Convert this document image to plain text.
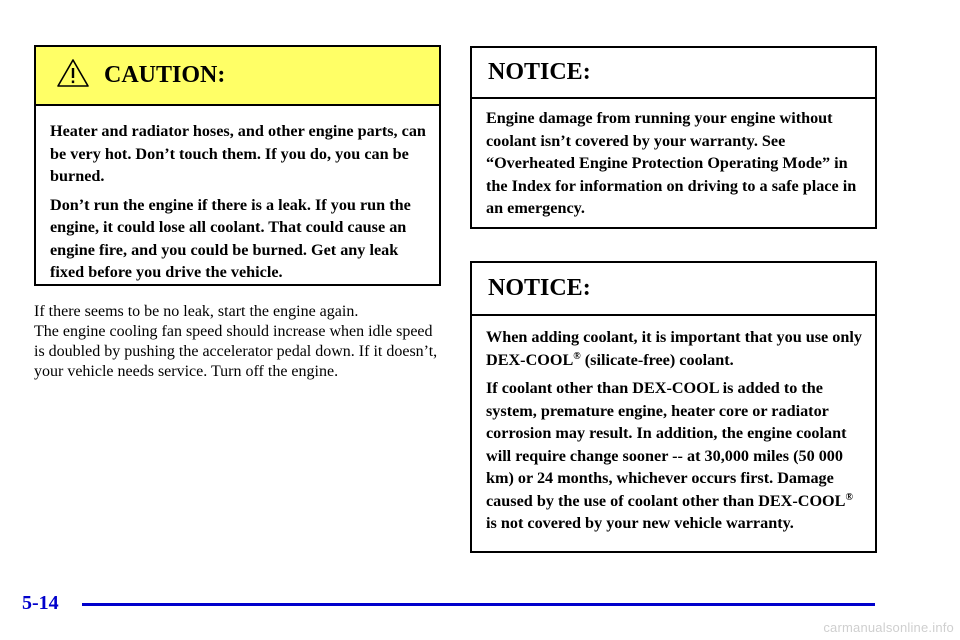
CAUTION:

Heater and radiator hoses, and other engine parts, can be very hot. Don’t touch them. If you do, you can be burned.

Don’t run the engine if there is a leak. If you run the engine, it could lose all coolant. That could cause an engine fire, and you could be burned. Get any leak fixed before you drive the vehicle.

If there seems to be no leak, start the engine again.
The engine cooling fan speed should increase when idle speed is doubled by pushing the accelerator pedal down. If it doesn’t, your vehicle needs service. Turn off the engine.

NOTICE:

Engine damage from running your engine without coolant isn’t covered by your warranty. See “Overheated Engine Protection Operating Mode” in the Index for information on driving to a safe place in an emergency.

NOTICE:

When adding coolant, it is important that you use only DEX-COOL® (silicate-free) coolant.

If coolant other than DEX-COOL is added to the system, premature engine, heater core or radiator corrosion may result. In addition, the engine coolant will require change sooner -- at 30,000 miles (50 000 km) or 24 months, whichever occurs first. Damage caused by the use of coolant other than DEX-COOL® is not covered by your new vehicle warranty.

5-14
carmanualsonline.info
